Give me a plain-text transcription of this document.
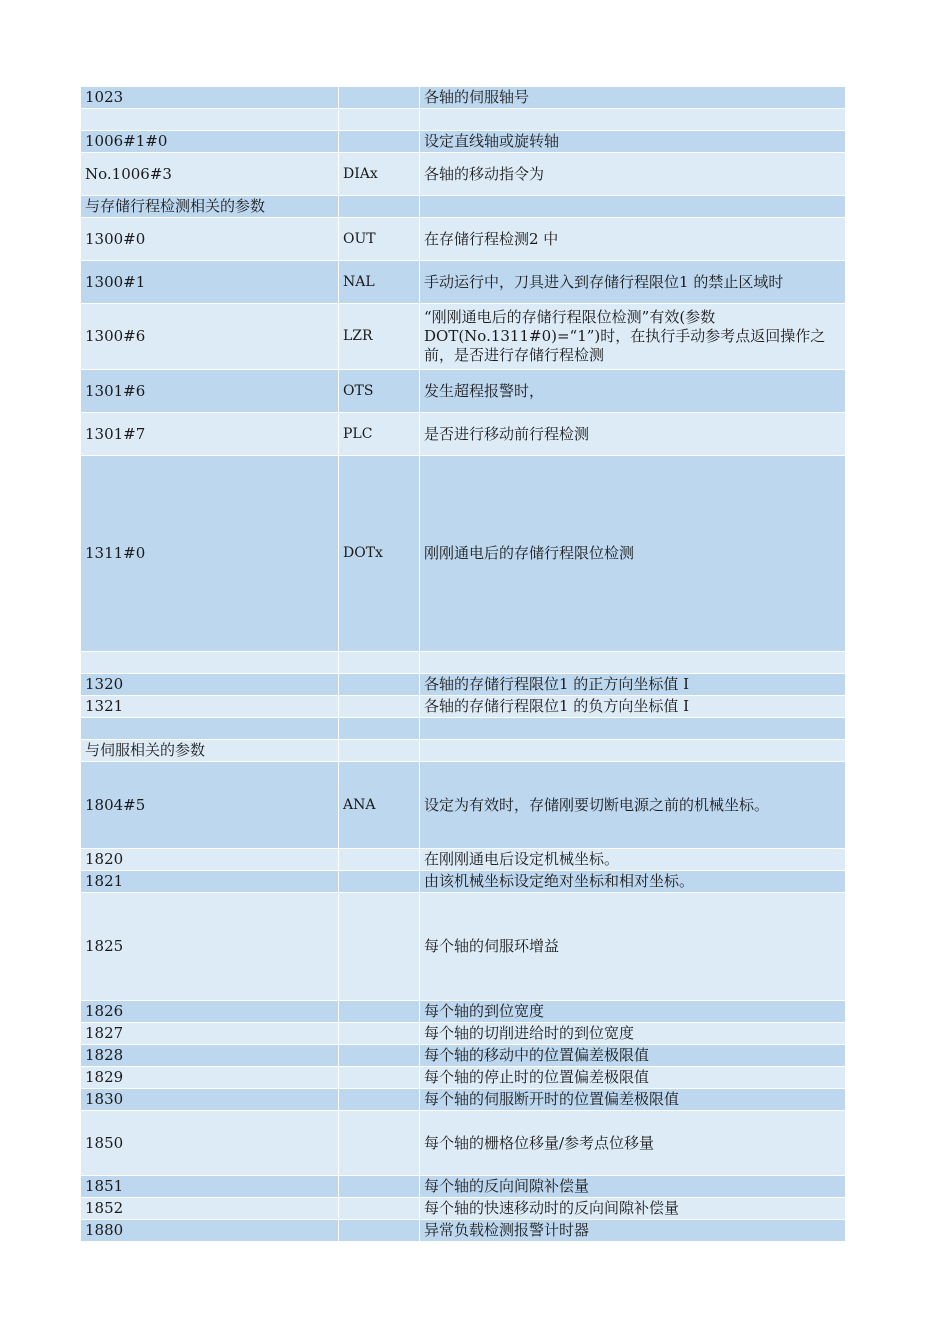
1023		各轴的伺服轴号

1006#1#0		设定直线轴或旋转轴
No.1006#3	DIAx	各轴的移动指令为
与存储行程检测相关的参数		
1300#0	OUT	在存储行程检测2 中
1300#1	NAL	手动运行中，刀具进入到存储行程限位1 的禁止区域时
1300#6	LZR	“刚刚通电后的存储行程限位检测”有效(参数DOT(No.1311#0)=“1”)时，在执行手动参考点返回操作之前，是否进行存储行程检测
1301#6	OTS	发生超程报警时，
1301#7	PLC	是否进行移动前行程检测
1311#0	DOTx	刚刚通电后的存储行程限位检测

1320		各轴的存储行程限位1 的正方向坐标值 I
1321		各轴的存储行程限位1 的负方向坐标值 I

与伺服相关的参数		
1804#5	ANA	设定为有效时，存储刚要切断电源之前的机械坐标。
1820		在刚刚通电后设定机械坐标。
1821		由该机械坐标设定绝对坐标和相对坐标。
1825		每个轴的伺服环增益
1826		每个轴的到位宽度
1827		每个轴的切削进给时的到位宽度
1828		每个轴的移动中的位置偏差极限值
1829		每个轴的停止时的位置偏差极限值
1830		每个轴的伺服断开时的位置偏差极限值
1850		每个轴的栅格位移量/参考点位移量
1851		每个轴的反向间隙补偿量
1852		每个轴的快速移动时的反向间隙补偿量
1880		异常负载检测报警计时器
